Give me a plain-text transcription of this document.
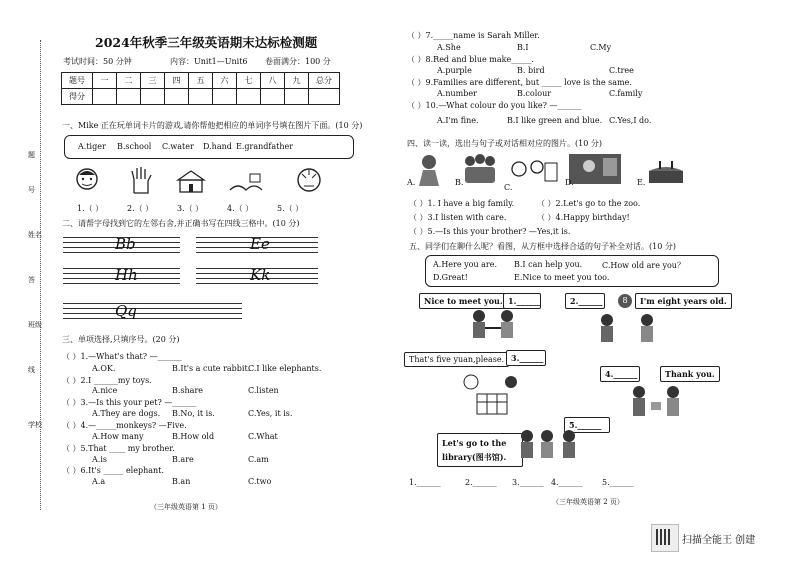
题
号
姓名
答
班级
线
学校
2024年秋季三年级英语期末达标检测题
考试时间：50 分钟	内容：Unit1—Unit6 卷面满分：100 分
题号	一	二	三	四	五	六	七	八	九	总分
得分										
一、Mike 正在玩单词卡片的游戏,请你帮他把相应的单词序号填在图片下面。(10 分)
A.tiger B.school C.water D.hand E.grandfather
1.（ ）	2.（ ）	3.（ ）	4.（ ）	5.（ ）
二、请帮字母找到它的左邻右舍,并正确书写在四线三格中。(10 分)
Bb	Ee
Hh	Kk
Qq
三、单项选择,只填序号。(20 分)
（ ）1.—What's that? —______
A.OK.	B.It's a cute rabbit.
C.I like elephants.
（ ）2.I ______my toys.
A.nice	B.share	C.listen
（ ）3.—Is this your pet? —______
A.They are dogs. B.No, it is.	C.Yes, it is.
（ ）4.—_____monkeys? —Five.
A.How many	B.How old	C.What
（ ）5.That ____ my brother.
A.is	B.are	C.am
（ ）6.It's _____ elephant.
A.a	B.an	C.two
（三年级英语第 1 页）
（ ）7._____name is Sarah Miller.
A.She	B.I	C.My
（ ）8.Red and blue make_____.
A.purple	B. bird	C.tree
（ ）9.Families are different, but _____ love is the same.
A.number	B.colour	C.family
（ ）10.—What colour do you like? —______
A.I'm fine.	B.I like green and blue. C.Yes,I do.
四、读一读，选出与句子或对话相对应的图片。(10 分)
A.	B.
C.
D.	E.
（ ）1. I have a big family.	（ ）2.Let's go to the zoo.
（ ）3.I listen with care.	（ ）4.Happy birthday!
（ ）5.—Is this your brother? —Yes,it is.
五、同学们在聊什么呢？看图，从方框中选择合适的句子补全对话。(10 分)
A.Here you are. B.I can help you. C.How old are you？
D.Great!	E.Nice to meet you too.
Nice to meet you. 1.______	2.______	8	I'm eight years old.
That's five yuan,please. 3.______
4.______	Thank you.
Let's go to the library(图书馆).
5.______
1.______	2.______ 3.______ 4.______ 5.______
（三年级英语第 2 页）
扫描全能王 创建
